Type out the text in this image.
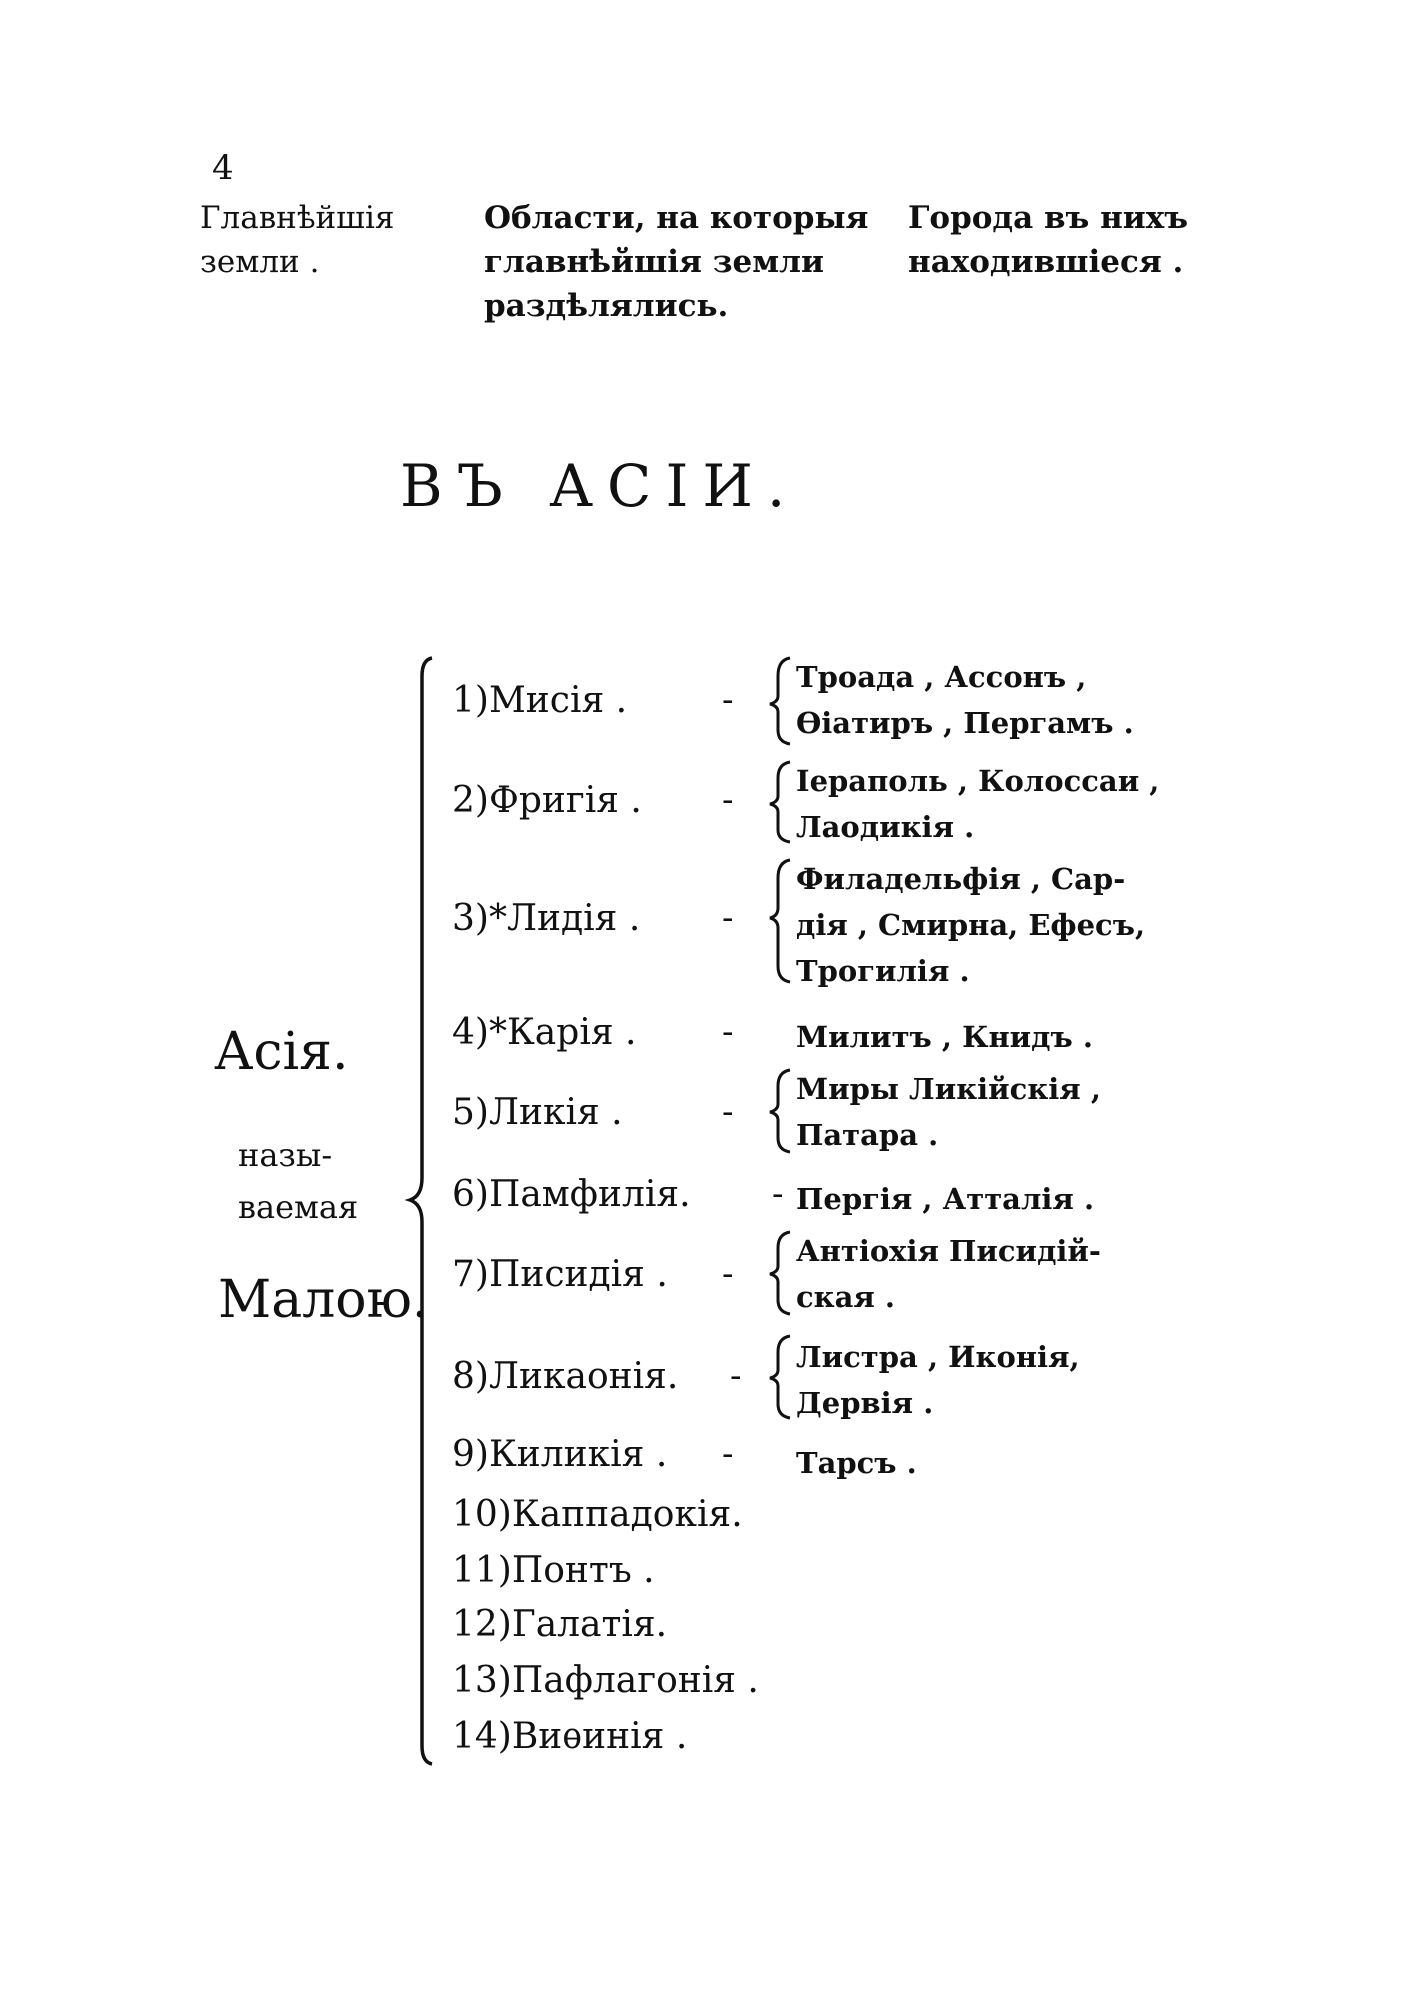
4
Главнѣйшія земли .
Области, на которыя главнѣйшія земли раздѣлялись.
Города въ нихъ находившіеся .
ВЪ АСІИ.
Асія.
назы-
ваемая
Малою.
1)Мисія .	-
Троада , Ассонъ ,
Ѳіатиръ , Пергамъ .
2)Фригія . - Іераполь , Колоссаи ,
Лаодикія .
3)*Лидія . -
Филадельфія , Сар-
дія , Смирна, Ефесъ,
Трогилія .
4)*Карія .	- Милитъ , Книдъ .
5)Ликія .	-
Миры Ликійскія ,
Патара .
6)Памфилія. - Пергія , Атталія .
7)Писидія . -
Антіохія Писидій-
ская .
8)Ликаонія. - Листра , Иконія,
Дервія .
9)Киликія . - Тарсъ .
10)Каппадокія.
11)Понтъ .
12)Галатія.
13)Пафлагонія .
14)Виѳинія .
